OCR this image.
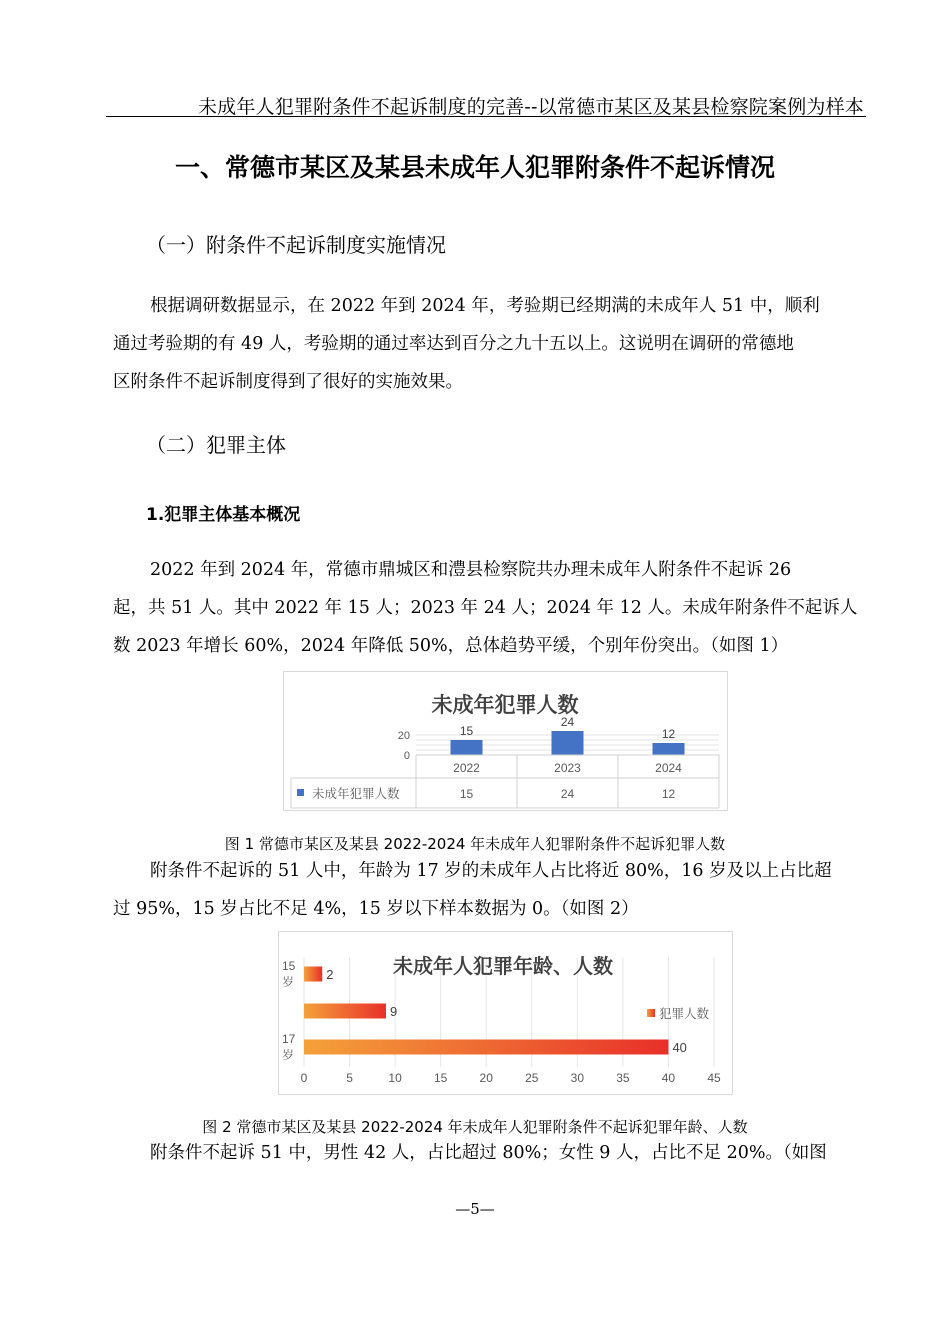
未成年人犯罪附条件不起诉制度的完善--以常德市某区及某县检察院案例为样本
一、常德市某区及某县未成年人犯罪附条件不起诉情况
（一）附条件不起诉制度实施情况

根据调研数据显示，在 2022 年到 2024 年，考验期已经期满的未成年人 51 中，顺利

通过考验期的有 49 人，考验期的通过率达到百分之九十五以上。这说明在调研的常德地

区附条件不起诉制度得到了很好的实施效果。

（二）犯罪主体
1.犯罪主体基本概况

2022 年到 2024 年，常德市鼎城区和澧县检察院共办理未成年人附条件不起诉 26

起，共 51 人。其中 2022 年 15 人；2023 年 24 人；2024 年 12 人。未成年附条件不起诉人

数 2023 年增长 60%，2024 年降低 50%，总体趋势平缓，个别年份突出。（如图 1）

未成年犯罪人数
0
20	15
24
12
2022
15
2023
24
2024
12
未成年犯罪人数
图 1 常德市某区及某县 2022-2024 年未成年人犯罪附条件不起诉犯罪人数

附条件不起诉的 51 人中，年龄为 17 岁的未成年人占比将近 80%，16 岁及以上占比超

过 95%，15 岁占比不足 4%，15 岁以下样本数据为 0。（如图 2）

0	5	10	15	20	25	30	35	40	45
未成年人犯罪年龄、人数
2
9
40
15 岁
17 岁
犯罪人数
图 2 常德市某区及某县 2022-2024 年未成年人犯罪附条件不起诉犯罪年龄、人数

附条件不起诉 51 中，男性 42 人，占比超过 80%；女性 9 人，占比不足 20%。（如图

—5—
